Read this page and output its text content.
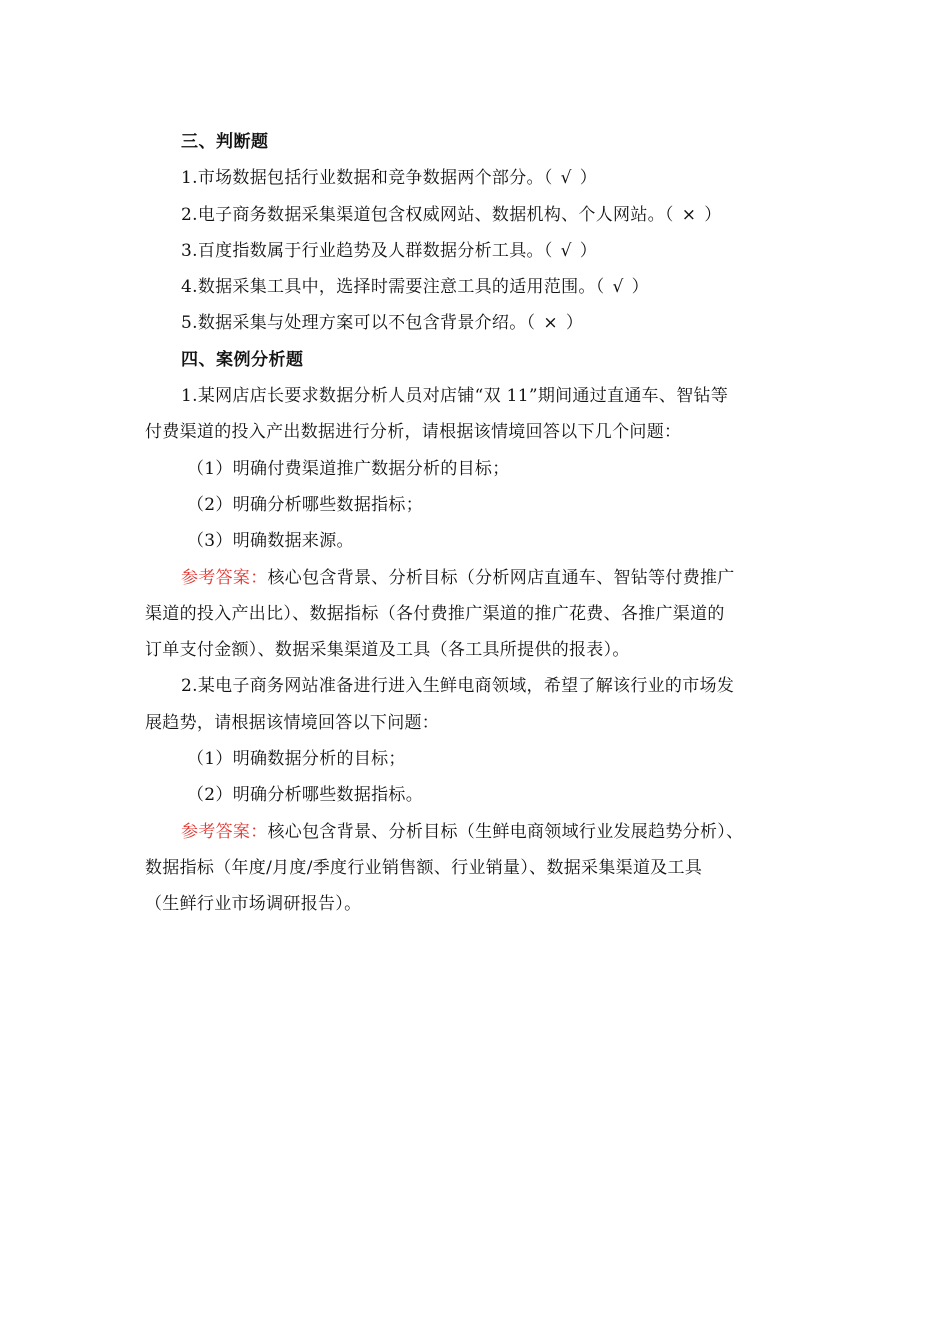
三、判断题
1.市场数据包括行业数据和竞争数据两个部分。（ √ ）
2.电子商务数据采集渠道包含权威网站、数据机构、个人网站。（ × ）
3.百度指数属于行业趋势及人群数据分析工具。（ √ ）
4.数据采集工具中，选择时需要注意工具的适用范围。（ √ ）
5.数据采集与处理方案可以不包含背景介绍。（ × ）
四、案例分析题
1.某网店店长要求数据分析人员对店铺“双 11”期间通过直通车、智钻等
付费渠道的投入产出数据进行分析，请根据该情境回答以下几个问题：
（1）明确付费渠道推广数据分析的目标；
（2）明确分析哪些数据指标；
（3）明确数据来源。
参考答案：核心包含背景、分析目标（分析网店直通车、智钻等付费推广
渠道的投入产出比）、数据指标（各付费推广渠道的推广花费、各推广渠道的
订单支付金额）、数据采集渠道及工具（各工具所提供的报表）。
2.某电子商务网站准备进行进入生鲜电商领域，希望了解该行业的市场发
展趋势，请根据该情境回答以下问题：
（1）明确数据分析的目标；
（2）明确分析哪些数据指标。
参考答案：核心包含背景、分析目标（生鲜电商领域行业发展趋势分析）、
数据指标（年度/月度/季度行业销售额、行业销量）、数据采集渠道及工具
（生鲜行业市场调研报告）。
